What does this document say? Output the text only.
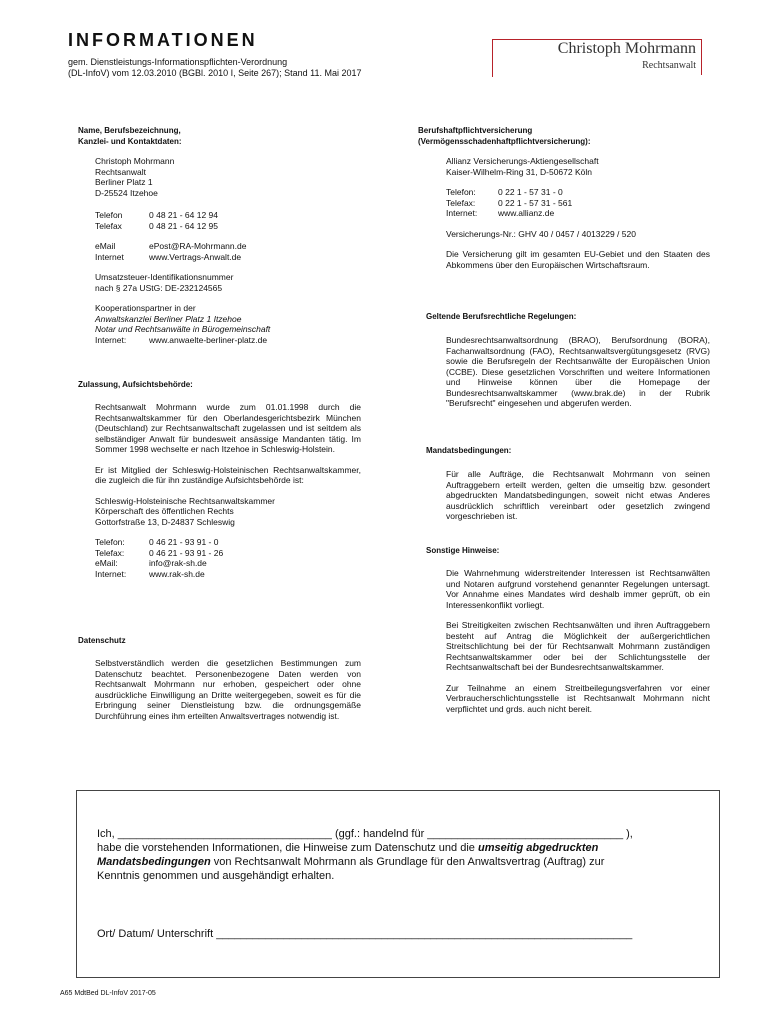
INFORMATIONEN
gem. Dienstleistungs-Informationspflichten-Verordnung
(DL-InfoV) vom 12.03.2010 (BGBl. 2010 I, Seite 267); Stand 11. Mai 2017
Christoph Mohrmann
Rechtsanwalt

Name, Berufsbezeichnung,

Kanzlei- und Kontaktdaten:

Christoph Mohrmann

Rechtsanwalt

Berliner Platz 1

D-25524 Itzehoe

Telefon	0 48 21 - 64 12 94
Telefax	0 48 21 - 64 12 95
eMail	ePost@RA-Mohrmann.de
Internet	www.Vertrags-Anwalt.de

Umsatzsteuer-Identifikationsnummer

nach § 27a UStG: DE-232124565

Kooperationspartner in der

Anwaltskanzlei Berliner Platz 1 Itzehoe

Notar und Rechtsanwälte in Bürogemeinschaft

Internet:	www.anwaelte-berliner-platz.de

Zulassung, Aufsichtsbehörde:

Rechtsanwalt Mohrmann wurde zum 01.01.1998 durch die Rechtsanwaltskammer für den Oberlandesgerichtsbezirk München (Deutschland) zur Rechtsanwaltschaft zugelassen und ist seitdem als selbständiger Anwalt für bundesweit ansässige Mandanten tätig. Im Sommer 1998 wechselte er nach Itzehoe in Schleswig-Holstein.

Er ist Mitglied der Schleswig-Holsteinischen Rechtsanwaltskammer, die zugleich die für ihn zuständige Aufsichtsbehörde ist:

Schleswig-Holsteinische Rechtsanwaltskammer

Körperschaft des öffentlichen Rechts

Gottorfstraße 13, D-24837 Schleswig

Telefon:	0 46 21 - 93 91 - 0
Telefax:	0 46 21 - 93 91 - 26
eMail:	info@rak-sh.de
Internet:	www.rak-sh.de

Datenschutz

Selbstverständlich werden die gesetzlichen Bestimmungen zum Datenschutz beachtet. Personenbezogene Daten werden von Rechtsanwalt Mohrmann nur erhoben, gespeichert oder ohne ausdrückliche Einwilligung an Dritte weitergegeben, soweit es für die Erbringung seiner Dienstleistung bzw. die ordnungsgemäße Durchführung eines ihm erteilten Anwaltsvertrages notwendig ist.

Berufshaftpflichtversicherung

(Vermögensschadenhaftpflichtversicherung):

Allianz Versicherungs-Aktiengesellschaft

Kaiser-Wilhelm-Ring 31, D-50672 Köln

Telefon:	0 22 1 - 57 31 - 0
Telefax:	0 22 1 - 57 31 - 561
Internet:	www.allianz.de

Versicherungs-Nr.: GHV 40 / 0457 / 4013229 / 520

Die Versicherung gilt im gesamten EU-Gebiet und den Staaten des Abkommens über den Europäischen Wirtschaftsraum.

Geltende Berufsrechtliche Regelungen:

Bundesrechtsanwaltsordnung (BRAO), Berufsordnung (BORA), Fachanwaltsordnung (FAO), Rechtsanwaltsvergütungsgesetz (RVG) sowie die Berufsregeln der Rechtsanwälte der Europäischen Union (CCBE). Diese gesetzlichen Vorschriften und weitere Informationen und Hinweise können über die Homepage der Bundesrechtsanwaltskammer (www.brak.de) in der Rubrik "Berufsrecht" eingesehen und abgerufen werden.

Mandatsbedingungen:

Für alle Aufträge, die Rechtsanwalt Mohrmann von seinen Auftraggebern erteilt werden, gelten die umseitig bzw. gesondert abgedruckten Mandatsbedingungen, soweit nicht etwas Anderes ausdrücklich schriftlich vereinbart oder gesetzlich zwingend vorgeschrieben ist.

Sonstige Hinweise:

Die Wahrnehmung widerstreitender Interessen ist Rechtsanwälten und Notaren aufgrund vorstehend genannter Regelungen untersagt. Vor Annahme eines Mandates wird deshalb immer geprüft, ob ein Interessenkonflikt vorliegt.

Bei Streitigkeiten zwischen Rechtsanwälten und ihren Auftraggebern besteht auf Antrag die Möglichkeit der außergerichtlichen Streitschlichtung bei der für Rechtsanwalt Mohrmann zuständigen Rechtsanwaltskammer oder bei der Schlichtungsstelle der Rechtsanwaltschaft bei der Bundesrechtsanwaltskammer.

Zur Teilnahme an einem Streitbeilegungsverfahren vor einer Verbraucherschlichtungsstelle ist Rechtsanwalt Mohrmann nicht verpflichtet und grds. auch nicht bereit.

Ich, ___________________________________ (ggf.: handelnd für ________________________________ ),
habe die vorstehenden Informationen, die Hinweise zum Datenschutz und die umseitig abgedruckten
Mandatsbedingungen von Rechtsanwalt Mohrmann als Grundlage für den Anwaltsvertrag (Auftrag) zur
Kenntnis genommen und ausgehändigt erhalten.
Ort/ Datum/ Unterschrift ____________________________________________________________________
A65 MdtBed DL-InfoV 2017-05
